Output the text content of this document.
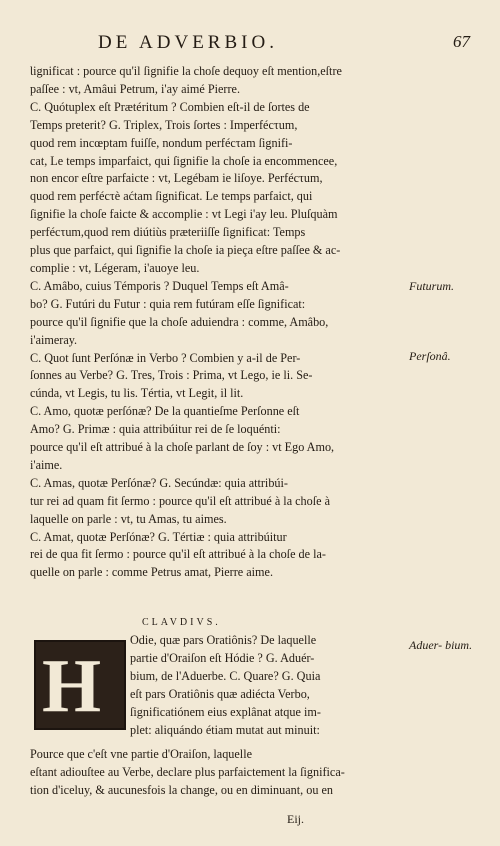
DE ADVERBIO.	67

Ɩignificat : pource qu'il ſignifie la choſe dequoy eſt mention,eſtre

paſſee : vt, Amâui Petrum, i'ay aimé Pierre.

C. Quótuplex eſt Prætéritum ? Combien eſt-il de ſortes de

Temps preterit? G. Triplex, Trois ſortes : Imperfécτum,

quod rem incœptam fuiſſe, nondum perfécτam ſignifi-

cat, Le temps imparfaict, qui ſignifie la choſe ia encommencee,

non encor eſtre parfaicte : vt, Legébam ie liſoye. Perfécτum,

quod rem perfécτè aćtam ſignificat. Le temps parfaict, qui

ſignifie la choſe faicte & accomplie : vt Legi i'ay leu. Pluſquàm

perfécτum,quod rem diútiùs præteriiſſe ſignificat: Temps

plus que parfaict, qui ſignifie la choſe ia pieça eſtre paſſee & ac-

complie : vt, Légeram, i'auoye leu.

C. Amâbo, cuius Témporis ? Duquel Temps eſt Amâ-

bo? G. Futúri du Futur : quia rem futúram eſſe ſignificat:

pource qu'il ſignifie que la choſe aduiendra : comme, Amâbo,

i'aimeray.

C. Quot ſunt Perſónæ in Verbo ? Combien y a-il de Per-

ſonnes au Verbe? G. Tres, Trois : Prima, vt Lego, ie li. Se-

cúnda, vt Legis, tu lis. Tértia, vt Legit, il lit.

C. Amo, quotæ perſónæ? De la quantieſme Perſonne eſt

Amo? G. Primæ : quia attribúitur rei de ſe loquénti:

pource qu'il eſt attribué à la choſe parlant de ſoy : vt Ego Amo,

i'aime.

C. Amas, quotæ Perſónæ? G. Secúndæ: quia attribúi-

tur rei ad quam fit ſermo : pource qu'il eſt attribué à la choſe à

laquelle on parle : vt, tu Amas, tu aimes.

C. Amat, quotæ Perſónæ? G. Tértiæ : quia attribúitur

rei de qua fit ſermo : pource qu'il eſt attribué à la choſe de la-

quelle on parle : comme Petrus amat, Pierre aime.

Futurum.
Perſonâ.
Aduer- bium.
CLAVDIVS.
H

Odie, quæ pars Oratiônis? De laquelle

partie d'Oraiſon eſt Hódie ? G. Aduér-

bium, de l'Aduerbe. C. Quare? G. Quia

eſt pars Oratiônis quæ adiécta Verbo,

ſignificatiónem eius explânat atque im-

plet: aliquándo étiam mutat aut minuit:

Pource que c'eſt vne partie d'Oraiſon, laquelle

eſtant adiouſtee au Verbe, declare plus parfaictement la ſignifica-

tion d'iceluy, & aucunesfois la change, ou en diminuant, ou en

Eij.
